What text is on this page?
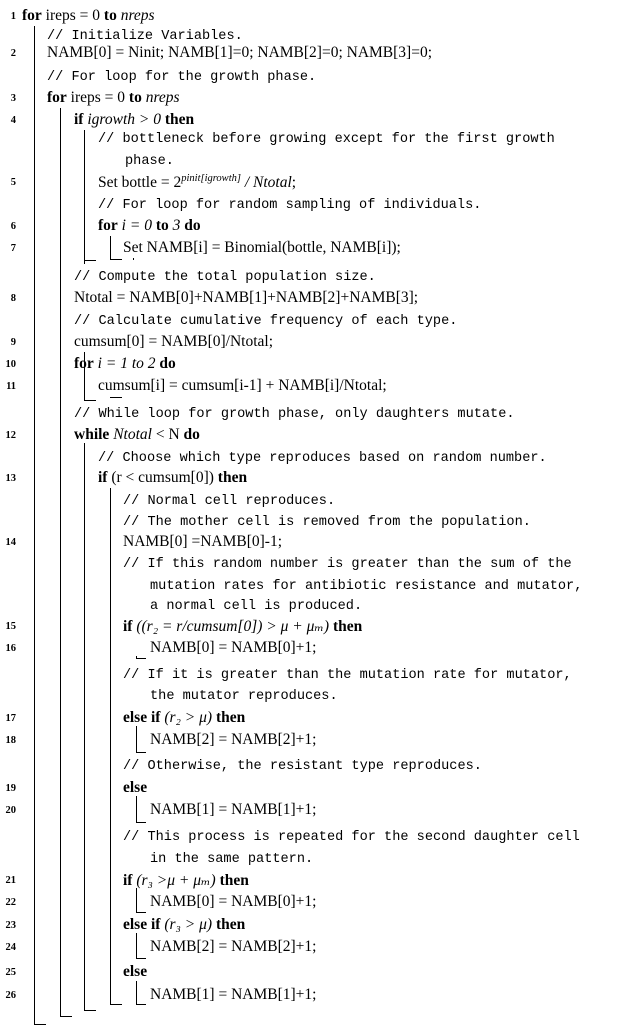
1 for ireps = 0 to nreps
// Initialize Variables.
2 NAMB[0] = Ninit; NAMB[1]=0; NAMB[2]=0; NAMB[3]=0;
// For loop for the growth phase.
3 for ireps = 0 to nreps
4	if igrowth > 0 then
// bottleneck before growing except for the first growth
phase.
5	Set bottle = $2^{pinit[igrowth]}$ / Ntotal;
// For loop for random sampling of individuals.
6	for i = 0 to 3 do
7	Set NAMB[i] = Binomial(bottle, NAMB[i]);
// Compute the total population size.
8	Ntotal = NAMB[0]+NAMB[1]+NAMB[2]+NAMB[3];
// Calculate cumulative frequency of each type.
9	cumsum[0] = NAMB[0]/Ntotal;
10	for i = 1 to 2 do
11	cumsum[i] = cumsum[i-1] + NAMB[i]/Ntotal;
// While loop for growth phase, only daughters mutate.
12	while Ntotal < N do
// Choose which type reproduces based on random number.
13	if (r < cumsum[0]) then
// Normal cell reproduces.
// The mother cell is removed from the population.
14	NAMB[0] =NAMB[0]-1;
// If this random number is greater than the sum of the
mutation rates for antibiotic resistance and mutator,
a normal cell is produced.
15	if ((r₂ = r/cumsum[0]) > μ + μₘ) then
16	NAMB[0] = NAMB[0]+1;
// If it is greater than the mutation rate for mutator,
the mutator reproduces.
17	else if (r₂ > μ) then
18	NAMB[2] = NAMB[2]+1;
// Otherwise, the resistant type reproduces.
19	else
20	NAMB[1] = NAMB[1]+1;
// This process is repeated for the second daughter cell
in the same pattern.
21	if (r₃ >μ + μₘ) then
22	NAMB[0] = NAMB[0]+1;
23	else if (r₃ > μ) then
24	NAMB[2] = NAMB[2]+1;
25	else
26	NAMB[1] = NAMB[1]+1;
